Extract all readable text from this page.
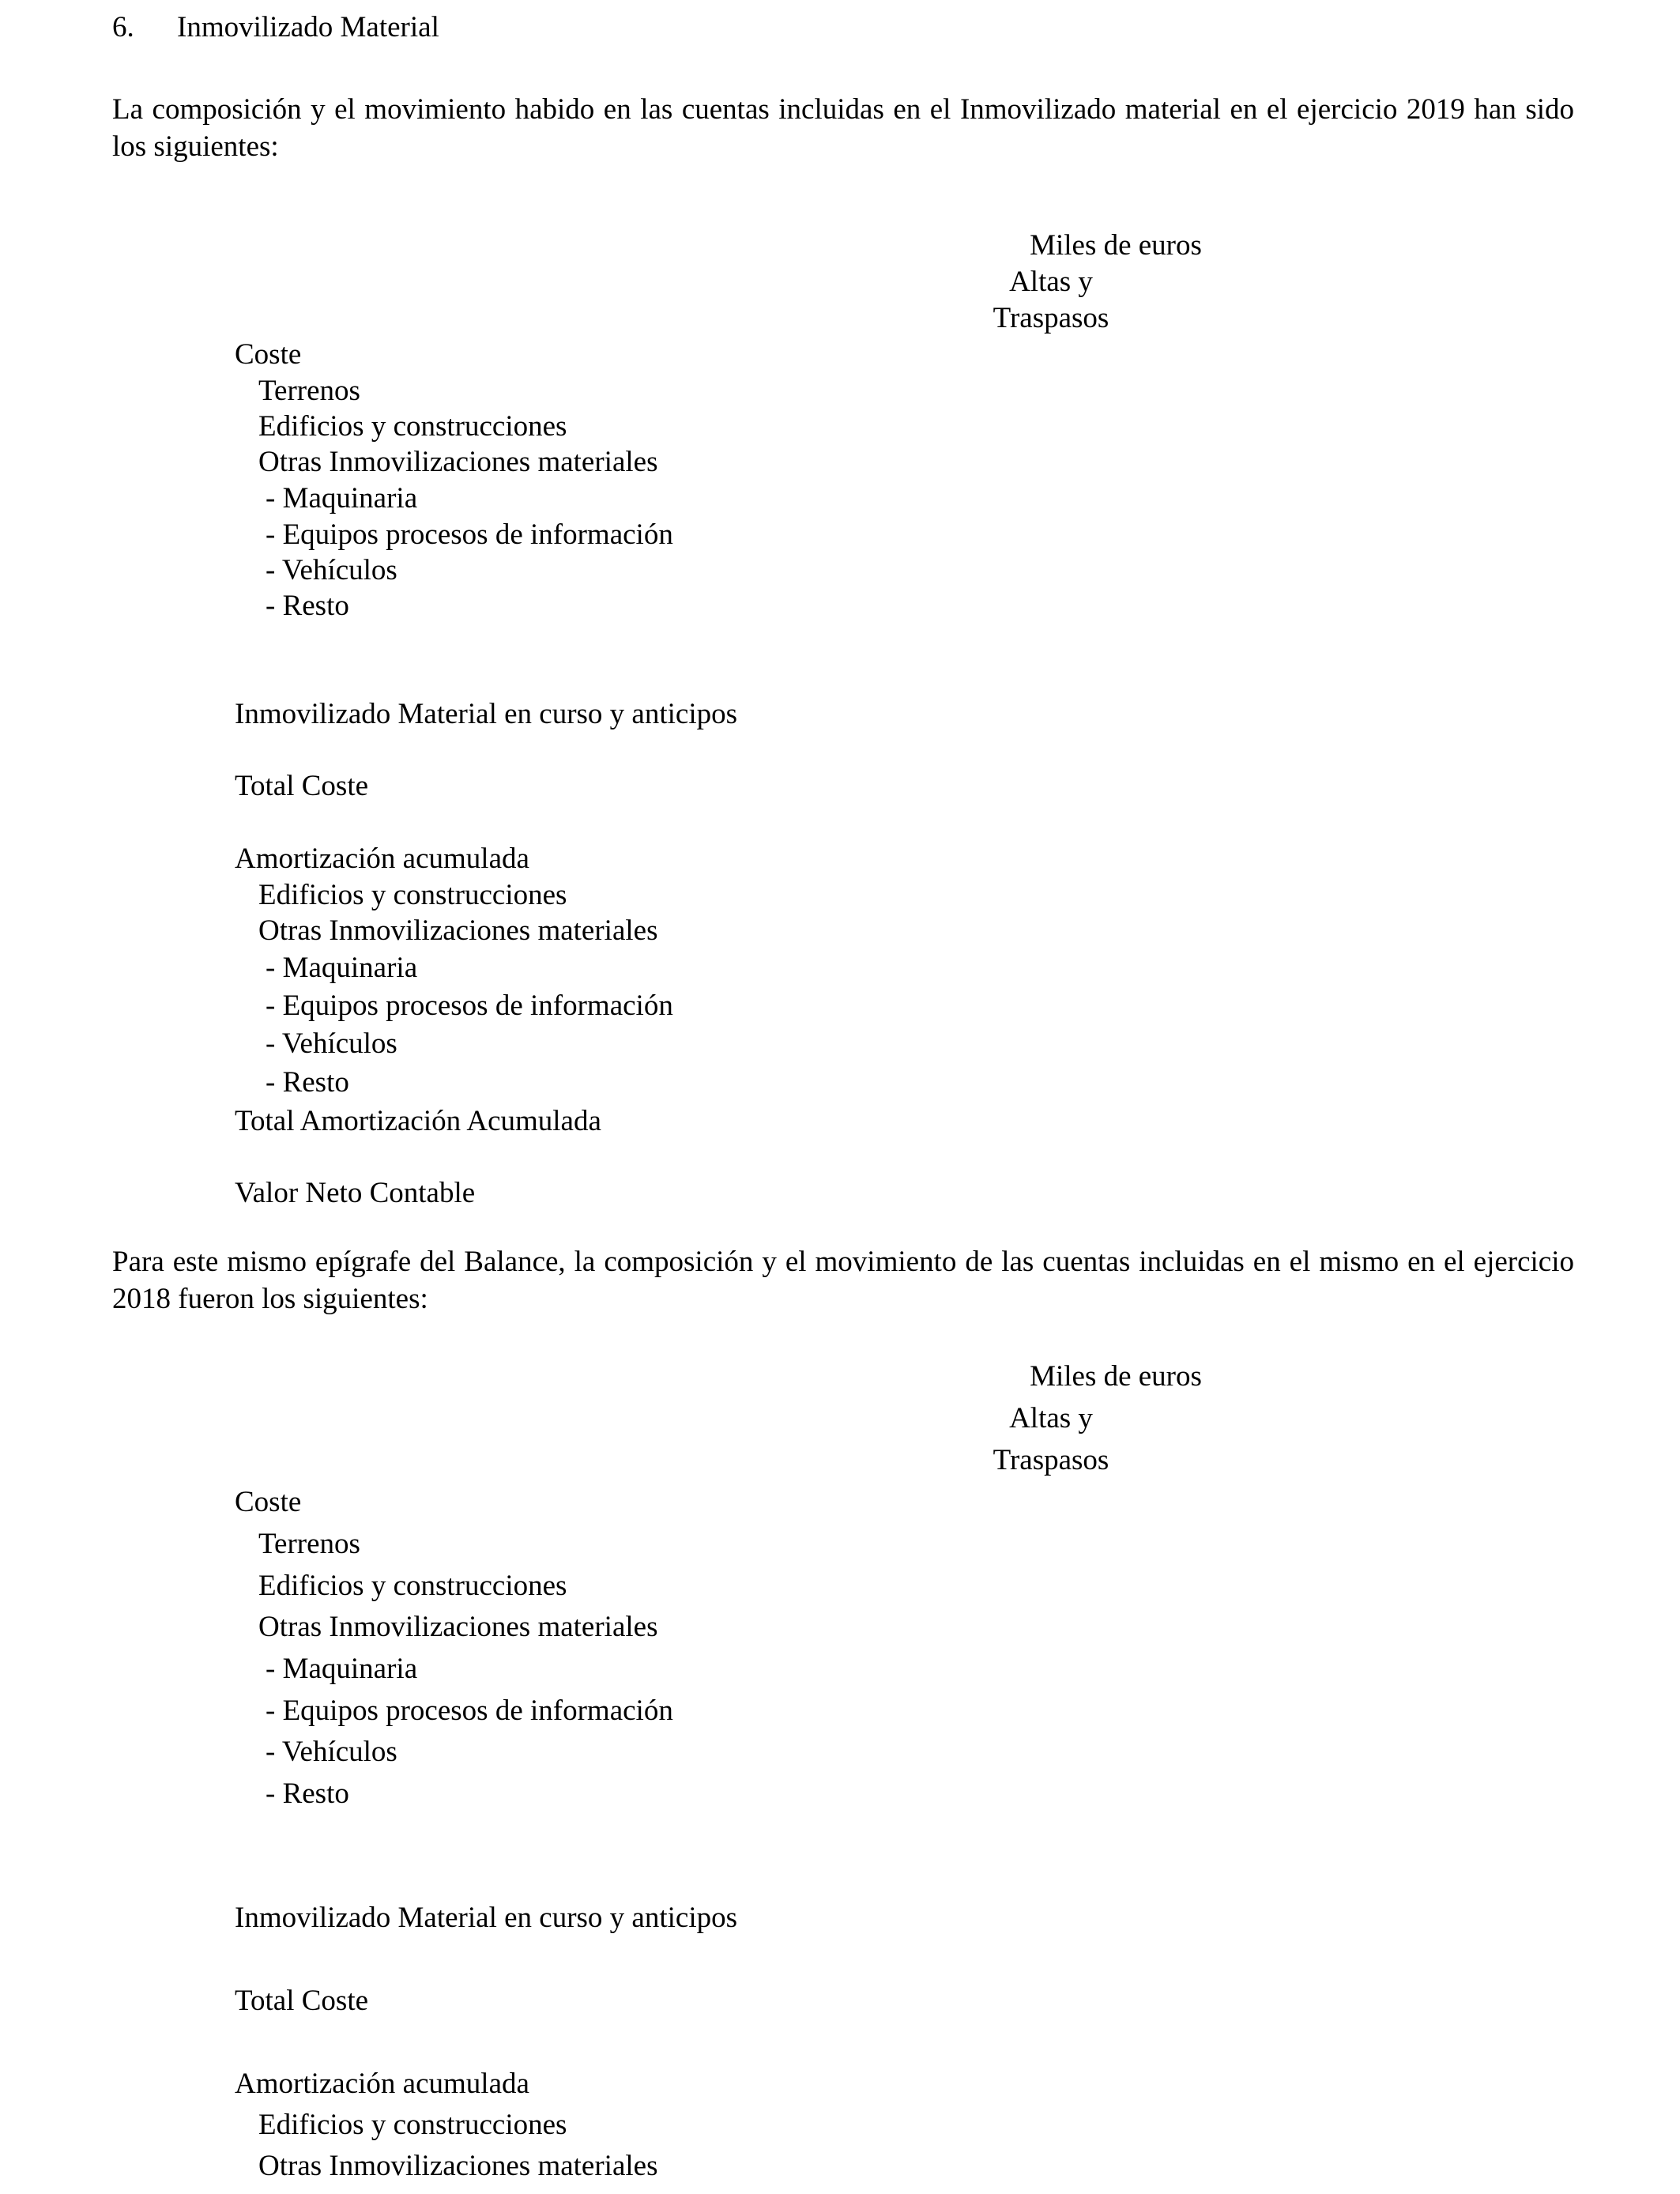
6. Inmovilizado Material

La composición y el movimiento habido en las cuentas incluidas en el Inmovilizado material en el ejercicio 2019 han sido los siguientes:

Miles de euros
Altas y
Traspasos
Coste
Terrenos
Edificios y construcciones
Otras Inmovilizaciones materiales
- Maquinaria
- Equipos procesos de información
- Vehículos
- Resto
Inmovilizado Material en curso y anticipos
Total Coste
Amortización acumulada
Edificios y construcciones
Otras Inmovilizaciones materiales
- Maquinaria
- Equipos procesos de información
- Vehículos
- Resto
Total Amortización Acumulada
Valor Neto Contable

Para este mismo epígrafe del Balance, la composición y el movimiento de las cuentas incluidas en el mismo en el ejercicio 2018 fueron los siguientes:

Miles de euros
Altas y
Traspasos
Coste
Terrenos
Edificios y construcciones
Otras Inmovilizaciones materiales
- Maquinaria
- Equipos procesos de información
- Vehículos
- Resto
Inmovilizado Material en curso y anticipos
Total Coste
Amortización acumulada
Edificios y construcciones
Otras Inmovilizaciones materiales
